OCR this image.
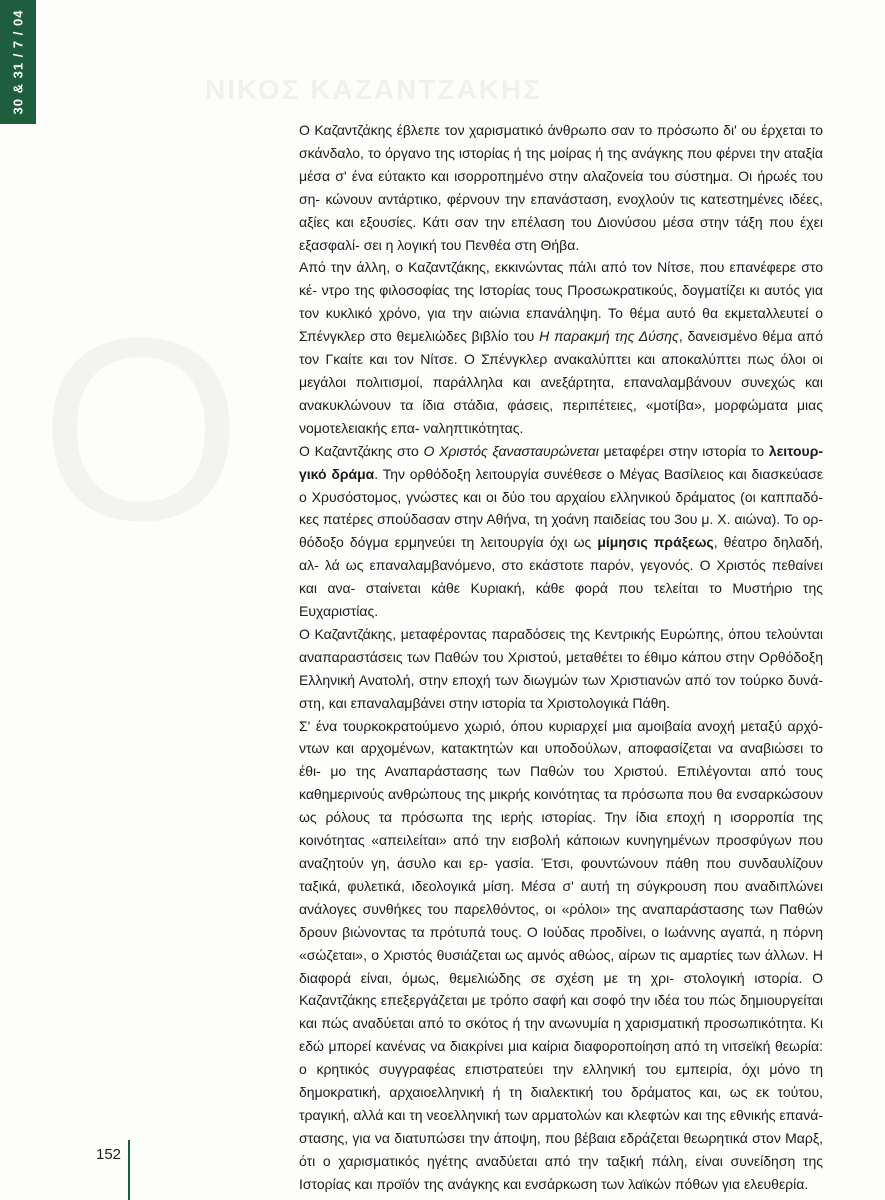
30 & 31 / 7 / 04	ΝΙΚΟΣ ΚΑΖΑΝΤΖΑΚΗΣ
Ο

Ο Καζαντζάκης έβλεπε τον χαρισματικό άνθρωπο σαν το πρόσωπο δι' ου έρχεται το σκάνδαλο, το όργανο της ιστορίας ή της μοίρας ή της ανάγκης που φέρνει την αταξία μέσα σ' ένα εύτακτο και ισορροπημένο στην αλαζονεία του σύστημα. Οι ήρωές του ση- κώνουν αντάρτικο, φέρνουν την επανάσταση, ενοχλούν τις κατεστημένες ιδέες, αξίες και εξουσίες. Κάτι σαν την επέλαση του Διονύσου μέσα στην τάξη που έχει εξασφαλί- σει η λογική του Πενθέα στη Θήβα.

Από την άλλη, ο Καζαντζάκης, εκκινώντας πάλι από τον Νίτσε, που επανέφερε στο κέ- ντρο της φιλοσοφίας της Ιστορίας τους Προσωκρατικούς, δογματίζει κι αυτός για τον κυκλικό χρόνο, για την αιώνια επανάληψη. Το θέμα αυτό θα εκμεταλλευτεί ο Σπένγκλερ στο θεμελιώδες βιβλίο του Η παρακμή της Δύσης, δανεισμένο θέμα από τον Γκαίτε και τον Νίτσε. Ο Σπένγκλερ ανακαλύπτει και αποκαλύπτει πως όλοι οι μεγάλοι πολιτισμοί, παράλληλα και ανεξάρτητα, επαναλαμβάνουν συνεχώς και ανακυκλώνουν τα ίδια στάδια, φάσεις, περιπέτειες, «μοτίβα», μορφώματα μιας νομοτελειακής επα- ναληπτικότητας.

Ο Καζαντζάκης στο Ο Χριστός ξανασταυρώνεται μεταφέρει στην ιστορία το λειτουρ- γικό δράμα. Την ορθόδοξη λειτουργία συνέθεσε ο Μέγας Βασίλειος και διασκεύασε ο Χρυσόστομος, γνώστες και οι δύο του αρχαίου ελληνικού δράματος (οι καππαδό- κες πατέρες σπούδασαν στην Αθήνα, τη χοάνη παιδείας του 3ου μ. Χ. αιώνα). Το ορ- θόδοξο δόγμα ερμηνεύει τη λειτουργία όχι ως μίμησις πράξεως, θέατρο δηλαδή, αλ- λά ως επαναλαμβανόμενο, στο εκάστοτε παρόν, γεγονός. Ο Χριστός πεθαίνει και ανα- σταίνεται κάθε Κυριακή, κάθε φορά που τελείται το Μυστήριο της Ευχαριστίας.

Ο Καζαντζάκης, μεταφέροντας παραδόσεις της Κεντρικής Ευρώπης, όπου τελούνται αναπαραστάσεις των Παθών του Χριστού, μεταθέτει το έθιμο κάπου στην Ορθόδοξη Ελληνική Ανατολή, στην εποχή των διωγμών των Χριστιανών από τον τούρκο δυνά- στη, και επαναλαμβάνει στην ιστορία τα Χριστολογικά Πάθη.

Σ' ένα τουρκοκρατούμενο χωριό, όπου κυριαρχεί μια αμοιβαία ανοχή μεταξύ αρχό- ντων και αρχομένων, κατακτητών και υποδούλων, αποφασίζεται να αναβιώσει το έθι- μο της Αναπαράστασης των Παθών του Χριστού. Επιλέγονται από τους καθημερινούς ανθρώπους της μικρής κοινότητας τα πρόσωπα που θα ενσαρκώσουν ως ρόλους τα πρόσωπα της ιερής ιστορίας. Την ίδια εποχή η ισορροπία της κοινότητας «απειλείται» από την εισβολή κάποιων κυνηγημένων προσφύγων που αναζητούν γη, άσυλο και ερ- γασία. Έτσι, φουντώνουν πάθη που συνδαυλίζουν ταξικά, φυλετικά, ιδεολογικά μίση. Μέσα σ' αυτή τη σύγκρουση που αναδιπλώνει ανάλογες συνθήκες του παρελθόντος, οι «ρόλοι» της αναπαράστασης των Παθών δρουν βιώνοντας τα πρότυπά τους. Ο Ιούδας προδίνει, ο Ιωάννης αγαπά, η πόρνη «σώζεται», ο Χριστός θυσιάζεται ως αμνός αθώος, αίρων τις αμαρτίες των άλλων. Η διαφορά είναι, όμως, θεμελιώδης σε σχέση με τη χρι- στολογική ιστορία. Ο Καζαντζάκης επεξεργάζεται με τρόπο σαφή και σοφό την ιδέα του πώς δημιουργείται και πώς αναδύεται από το σκότος ή την ανωνυμία η χαρισματική προσωπικότητα. Κι εδώ μπορεί κανένας να διακρίνει μια καίρια διαφοροποίηση από τη νιτσεϊκή θεωρία: ο κρητικός συγγραφέας επιστρατεύει την ελληνική του εμπειρία, όχι μόνο τη δημοκρατική, αρχαιοελληνική ή τη διαλεκτική του δράματος και, ως εκ τούτου, τραγική, αλλά και τη νεοελληνική των αρματολών και κλεφτών και της εθνικής επανά- στασης, για να διατυπώσει την άποψη, που βέβαια εδράζεται θεωρητικά στον Μαρξ, ότι ο χαρισματικός ηγέτης αναδύεται από την ταξική πάλη, είναι συνείδηση της Ιστορίας και προϊόν της ανάγκης και ενσάρκωση των λαϊκών πόθων για ελευθερία.

152
